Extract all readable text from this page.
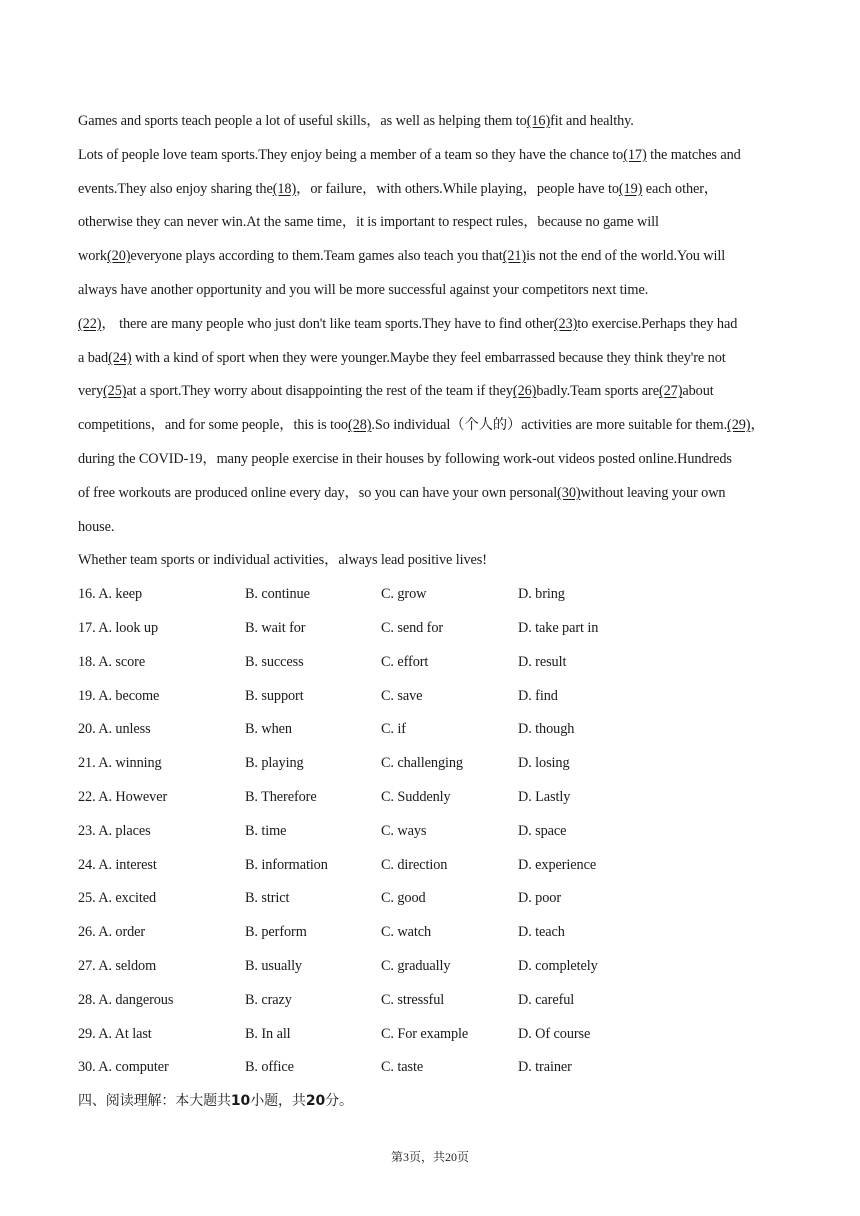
Games and sports teach people a lot of useful skills，as well as helping them to(16)fit and healthy.
Lots of people love team sports.They enjoy being a member of a team so they have the chance to(17) the matches and
events.They also enjoy sharing the(18)，or failure，with others.While playing，people have to(19) each other，
otherwise they can never win.At the same time，it is important to respect rules，because no game will
work(20)everyone plays according to them.Team games also teach you that(21)is not the end of the world.You will
always have another opportunity and you will be more successful against your competitors next time.
(22)， there are many people who just don't like team sports.They have to find other(23)to exercise.Perhaps they had
a bad(24) with a kind of sport when they were younger.Maybe they feel embarrassed because they think they're not
very(25)at a sport.They worry about disappointing the rest of the team if they(26)badly.Team sports are(27)about
competitions，and for some people，this is too(28).So individual（个人的）activities are more suitable for them.(29)，
during the COVID-19，many people exercise in their houses by following work-out videos posted online.Hundreds
of free workouts are produced online every day，so you can have your own personal(30)without leaving your own
house.
Whether team sports or individual activities，always lead positive lives!
16. A. keep	B. continue	C. grow	D. bring
17. A. look up	B. wait for	C. send for	D. take part in
18. A. score	B. success	C. effort	D. result
19. A. become	B. support	C. save	D. find
20. A. unless	B. when	C. if	D. though
21. A. winning	B. playing	C. challenging	D. losing
22. A. However	B. Therefore	C. Suddenly	D. Lastly
23. A. places	B. time	C. ways	D. space
24. A. interest	B. information	C. direction	D. experience
25. A. excited	B. strict	C. good	D. poor
26. A. order	B. perform	C. watch	D. teach
27. A. seldom	B. usually	C. gradually	D. completely
28. A. dangerous	B. crazy	C. stressful	D. careful
29. A. At last	B. In all	C. For example	D. Of course
30. A. computer	B. office	C. taste	D. trainer
四、阅读理解：本大题共10小题，共20分。
第3页，共20页
